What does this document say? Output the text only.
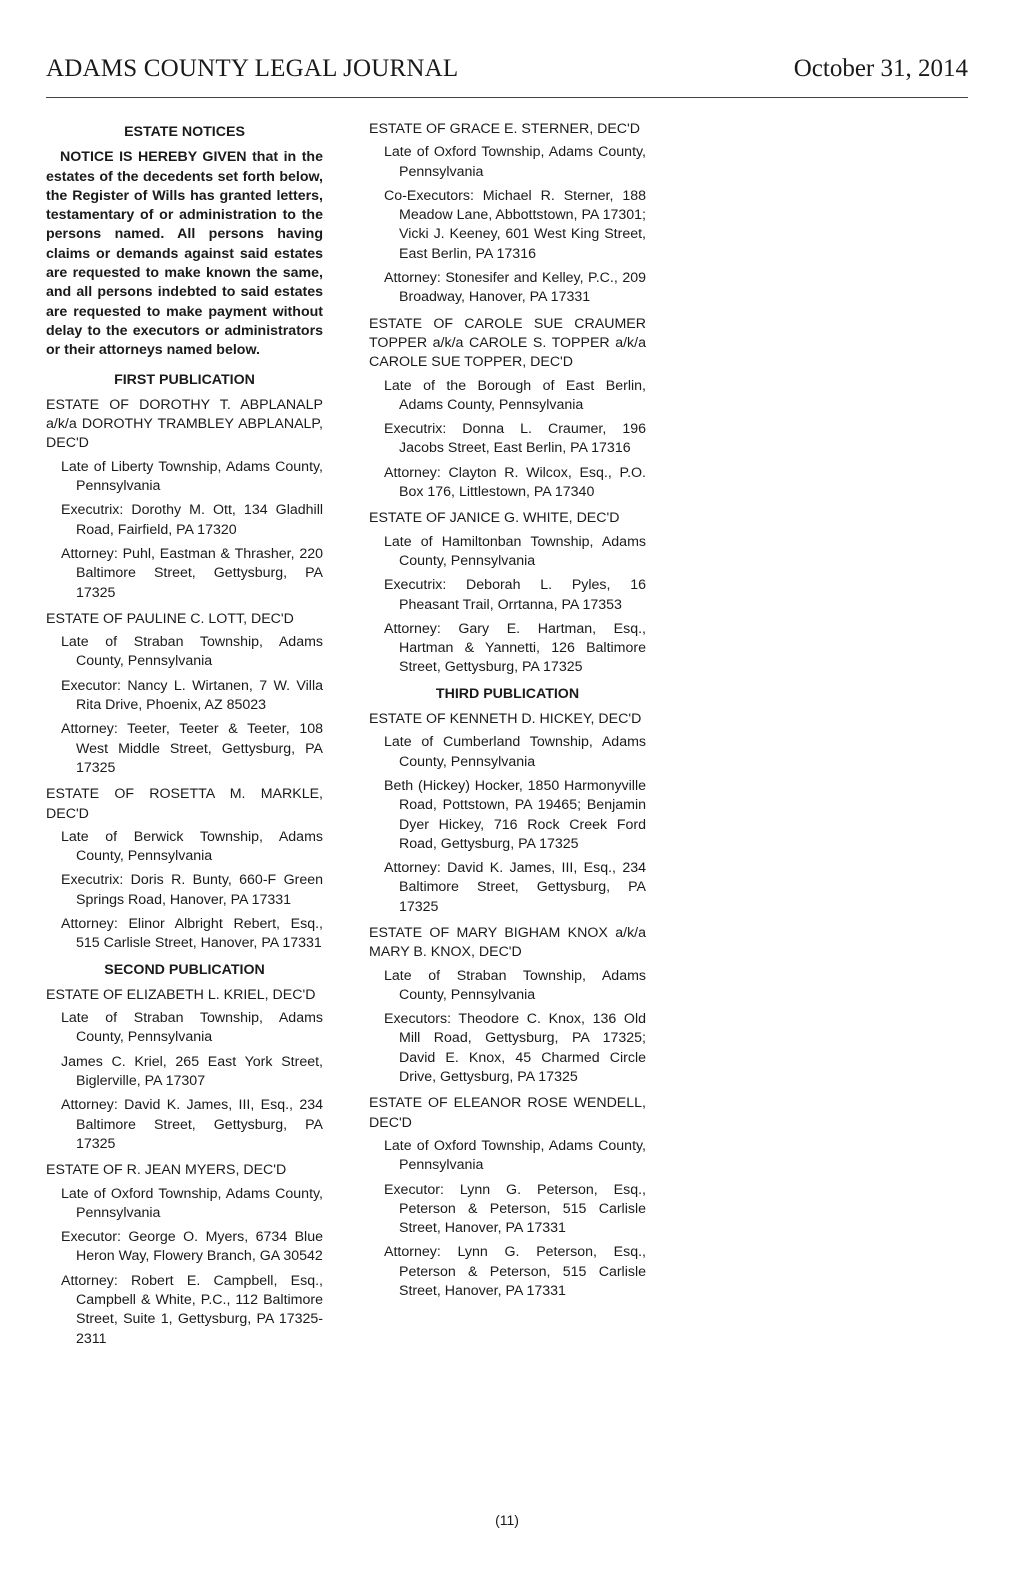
ADAMS COUNTY LEGAL JOURNAL	October 31, 2014
ESTATE NOTICES

NOTICE IS HEREBY GIVEN that in the estates of the decedents set forth below, the Register of Wills has granted letters, testamentary of or administration to the persons named. All persons having claims or demands against said estates are requested to make known the same, and all persons indebted to said estates are requested to make payment without delay to the executors or administrators or their attorneys named below.

FIRST PUBLICATION
ESTATE OF DOROTHY T. ABPLANALP a/k/a DOROTHY TRAMBLEY ABPLANALP, DEC'D
Late of Liberty Township, Adams County, Pennsylvania
Executrix: Dorothy M. Ott, 134 Gladhill Road, Fairfield, PA 17320
Attorney: Puhl, Eastman & Thrasher, 220 Baltimore Street, Gettysburg, PA 17325
ESTATE OF PAULINE C. LOTT, DEC'D
Late of Straban Township, Adams County, Pennsylvania
Executor: Nancy L. Wirtanen, 7 W. Villa Rita Drive, Phoenix, AZ 85023
Attorney: Teeter, Teeter & Teeter, 108 West Middle Street, Gettysburg, PA 17325
ESTATE OF ROSETTA M. MARKLE, DEC'D
Late of Berwick Township, Adams County, Pennsylvania
Executrix: Doris R. Bunty, 660-F Green Springs Road, Hanover, PA 17331
Attorney: Elinor Albright Rebert, Esq., 515 Carlisle Street, Hanover, PA 17331
SECOND PUBLICATION
ESTATE OF ELIZABETH L. KRIEL, DEC'D
Late of Straban Township, Adams County, Pennsylvania
James C. Kriel, 265 East York Street, Biglerville, PA 17307
Attorney: David K. James, III, Esq., 234 Baltimore Street, Gettysburg, PA 17325
ESTATE OF R. JEAN MYERS, DEC'D
Late of Oxford Township, Adams County, Pennsylvania
Executor: George O. Myers, 6734 Blue Heron Way, Flowery Branch, GA 30542
Attorney: Robert E. Campbell, Esq., Campbell & White, P.C., 112 Baltimore Street, Suite 1, Gettysburg, PA 17325-2311
ESTATE OF GRACE E. STERNER, DEC'D
Late of Oxford Township, Adams County, Pennsylvania
Co-Executors: Michael R. Sterner, 188 Meadow Lane, Abbottstown, PA 17301; Vicki J. Keeney, 601 West King Street, East Berlin, PA 17316
Attorney: Stonesifer and Kelley, P.C., 209 Broadway, Hanover, PA 17331
ESTATE OF CAROLE SUE CRAUMER TOPPER a/k/a CAROLE S. TOPPER a/k/a CAROLE SUE TOPPER, DEC'D
Late of the Borough of East Berlin, Adams County, Pennsylvania
Executrix: Donna L. Craumer, 196 Jacobs Street, East Berlin, PA 17316
Attorney: Clayton R. Wilcox, Esq., P.O. Box 176, Littlestown, PA 17340
ESTATE OF JANICE G. WHITE, DEC'D
Late of Hamiltonban Township, Adams County, Pennsylvania
Executrix: Deborah L. Pyles, 16 Pheasant Trail, Orrtanna, PA 17353
Attorney: Gary E. Hartman, Esq., Hartman & Yannetti, 126 Baltimore Street, Gettysburg, PA 17325
THIRD PUBLICATION
ESTATE OF KENNETH D. HICKEY, DEC'D
Late of Cumberland Township, Adams County, Pennsylvania
Beth (Hickey) Hocker, 1850 Harmonyville Road, Pottstown, PA 19465; Benjamin Dyer Hickey, 716 Rock Creek Ford Road, Gettysburg, PA 17325
Attorney: David K. James, III, Esq., 234 Baltimore Street, Gettysburg, PA 17325
ESTATE OF MARY BIGHAM KNOX a/k/a MARY B. KNOX, DEC'D
Late of Straban Township, Adams County, Pennsylvania
Executors: Theodore C. Knox, 136 Old Mill Road, Gettysburg, PA 17325; David E. Knox, 45 Charmed Circle Drive, Gettysburg, PA 17325
ESTATE OF ELEANOR ROSE WENDELL, DEC'D
Late of Oxford Township, Adams County, Pennsylvania
Executor: Lynn G. Peterson, Esq., Peterson & Peterson, 515 Carlisle Street, Hanover, PA 17331
Attorney: Lynn G. Peterson, Esq., Peterson & Peterson, 515 Carlisle Street, Hanover, PA 17331
(11)
